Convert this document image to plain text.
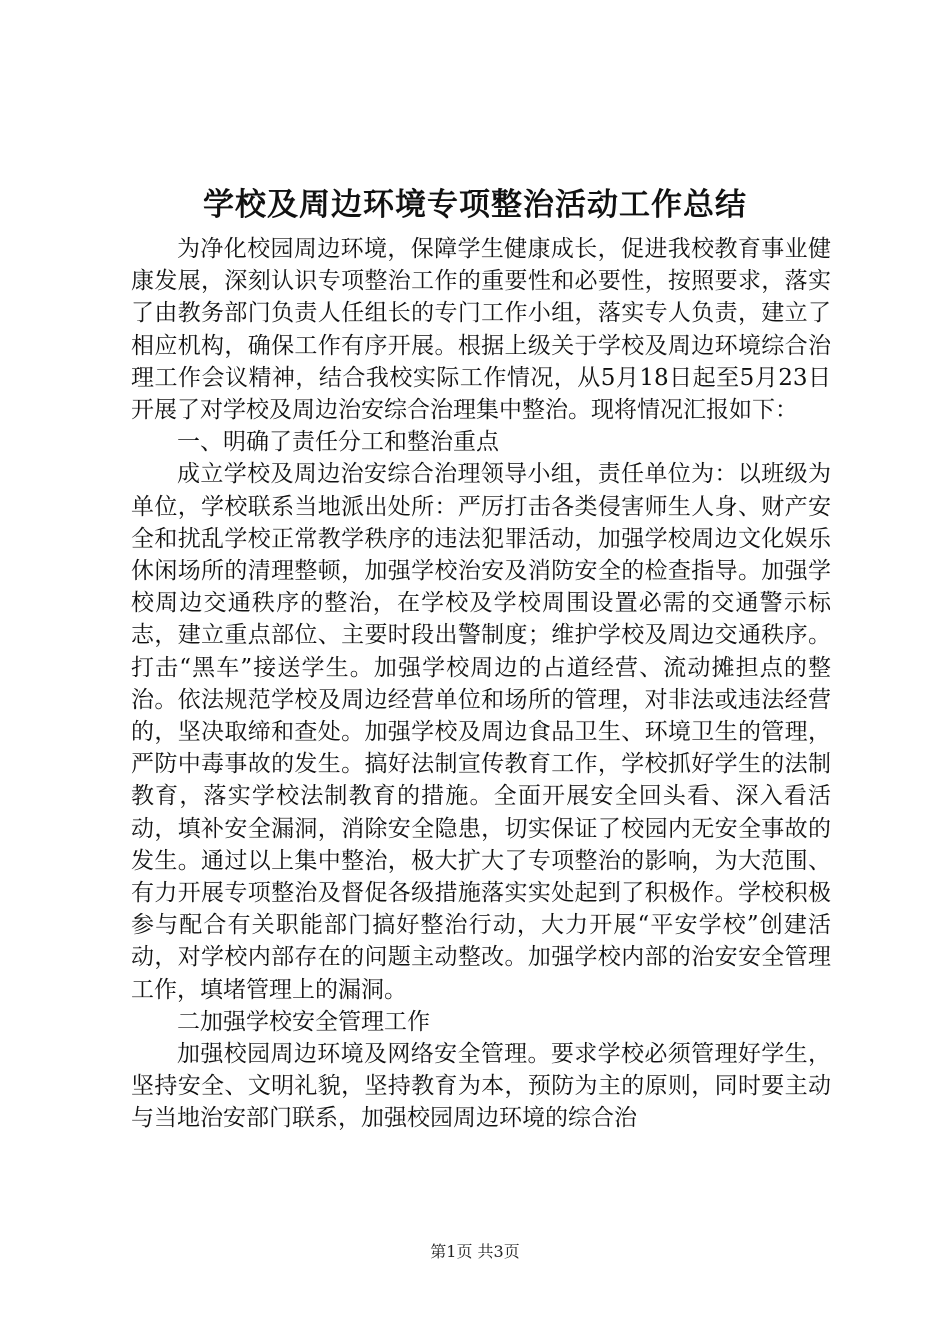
学校及周边环境专项整治活动工作总结

为净化校园周边环境，保障学生健康成长，促进我校教育事业健康发展，深刻认识专项整治工作的重要性和必要性，按照要求，落实了由教务部门负责人任组长的专门工作小组，落实专人负责，建立了相应机构，确保工作有序开展。根据上级关于学校及周边环境综合治理工作会议精神，结合我校实际工作情况，从5月18日起至5月23日开展了对学校及周边治安综合治理集中整治。现将情况汇报如下：

一、明确了责任分工和整治重点

成立学校及周边治安综合治理领导小组，责任单位为：以班级为单位，学校联系当地派出处所：严厉打击各类侵害师生人身、财产安全和扰乱学校正常教学秩序的违法犯罪活动，加强学校周边文化娱乐休闲场所的清理整顿，加强学校治安及消防安全的检查指导。加强学校周边交通秩序的整治，在学校及学校周围设置必需的交通警示标志，建立重点部位、主要时段出警制度；维护学校及周边交通秩序。打击“黑车”接送学生。加强学校周边的占道经营、流动摊担点的整治。依法规范学校及周边经营单位和场所的管理，对非法或违法经营的，坚决取缔和查处。加强学校及周边食品卫生、环境卫生的管理，严防中毒事故的发生。搞好法制宣传教育工作，学校抓好学生的法制教育，落实学校法制教育的措施。全面开展安全回头看、深入看活动，填补安全漏洞，消除安全隐患，切实保证了校园内无安全事故的发生。通过以上集中整治，极大扩大了专项整治的影响，为大范围、有力开展专项整治及督促各级措施落实实处起到了积极作。学校积极参与配合有关职能部门搞好整治行动，大力开展“平安学校”创建活动，对学校内部存在的问题主动整改。加强学校内部的治安安全管理工作，填堵管理上的漏洞。

二加强学校安全管理工作

加强校园周边环境及网络安全管理。要求学校必须管理好学生，坚持安全、文明礼貌，坚持教育为本，预防为主的原则，同时要主动与当地治安部门联系，加强校园周边环境的综合治

第1页 共3页
